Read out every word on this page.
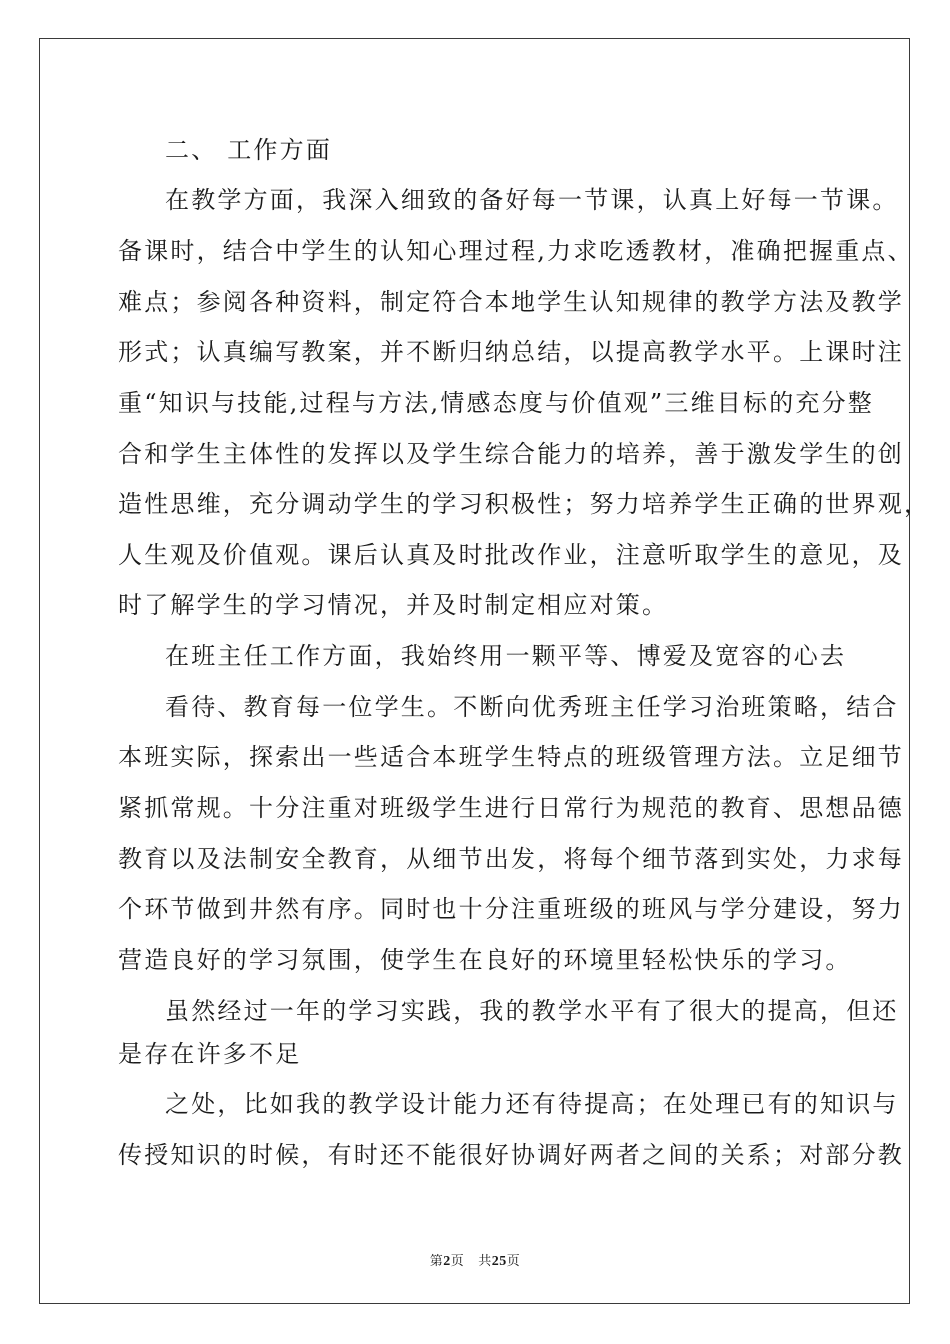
二、 工作方面
在教学方面，我深入细致的备好每一节课，认真上好每一节课。
备课时，结合中学生的认知心理过程,力求吃透教材，准确把握重点、
难点；参阅各种资料，制定符合本地学生认知规律的教学方法及教学
形式；认真编写教案，并不断归纳总结，以提高教学水平。上课时注
重“知识与技能,过程与方法,情感态度与价值观”三维目标的充分整
合和学生主体性的发挥以及学生综合能力的培养，善于激发学生的创
造性思维，充分调动学生的学习积极性；努力培养学生正确的世界观，
人生观及价值观。课后认真及时批改作业，注意听取学生的意见，及
时了解学生的学习情况，并及时制定相应对策。
在班主任工作方面，我始终用一颗平等、博爱及宽容的心去
看待、教育每一位学生。不断向优秀班主任学习治班策略，结合
本班实际，探索出一些适合本班学生特点的班级管理方法。立足细节
紧抓常规。十分注重对班级学生进行日常行为规范的教育、思想品德
教育以及法制安全教育，从细节出发，将每个细节落到实处，力求每
个环节做到井然有序。同时也十分注重班级的班风与学分建设，努力
营造良好的学习氛围，使学生在良好的环境里轻松快乐的学习。
虽然经过一年的学习实践，我的教学水平有了很大的提高，但还
是存在许多不足
之处，比如我的教学设计能力还有待提高；在处理已有的知识与
传授知识的时候，有时还不能很好协调好两者之间的关系；对部分教
第2页 共25页
